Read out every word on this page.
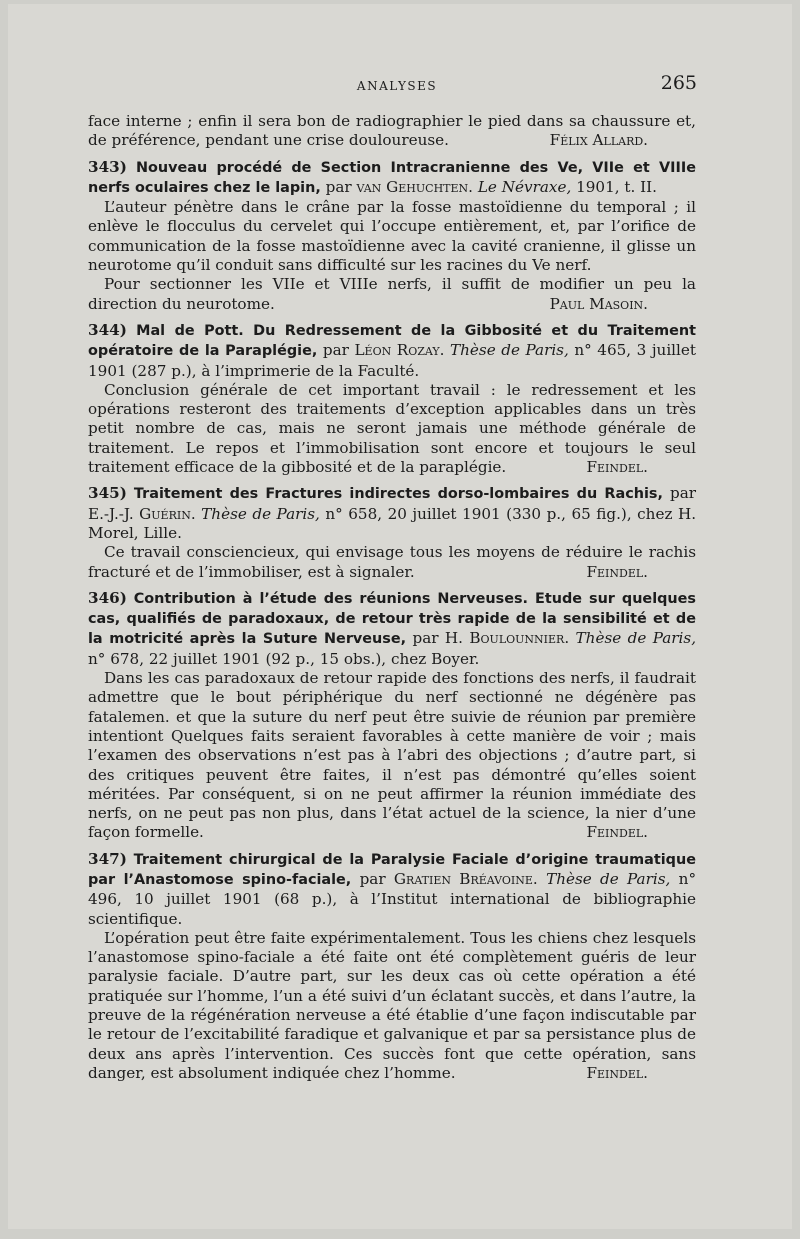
ANALYSES	265

face interne ; enfin il sera bon de radiographier le pied dans sa chaussure et, de préférence, pendant une crise douloureuse.	Félix Allard.

343) Nouveau procédé de Section Intracranienne des Ve, VIIe et VIIIe nerfs oculaires chez le lapin, par van Gehuchten. Le Névraxe, 1901, t. II.

L’auteur pénètre dans le crâne par la fosse mastoïdienne du temporal ; il enlève le flocculus du cervelet qui l’occupe entièrement, et, par l’orifice de communication de la fosse mastoïdienne avec la cavité cranienne, il glisse un neurotome qu’il conduit sans difficulté sur les racines du Ve nerf.

Pour sectionner les VIIe et VIIIe nerfs, il suffit de modifier un peu la direction du neurotome.	Paul Masoin.

344) Mal de Pott. Du Redressement de la Gibbosité et du Traitement opératoire de la Paraplégie, par Léon Rozay. Thèse de Paris, n° 465, 3 juillet 1901 (287 p.), à l’imprimerie de la Faculté.

Conclusion générale de cet important travail : le redressement et les opérations resteront des traitements d’exception applicables dans un très petit nombre de cas, mais ne seront jamais une méthode générale de traitement. Le repos et l’immobilisation sont encore et toujours le seul traitement efficace de la gibbosité et de la paraplégie.	Feindel.

345) Traitement des Fractures indirectes dorso-lombaires du Rachis, par E.-J.-J. Guérin. Thèse de Paris, n° 658, 20 juillet 1901 (330 p., 65 fig.), chez H. Morel, Lille.

Ce travail consciencieux, qui envisage tous les moyens de réduire le rachis fracturé et de l’immobiliser, est à signaler.	Feindel.

346) Contribution à l’étude des réunions Nerveuses. Etude sur quelques cas, qualifiés de paradoxaux, de retour très rapide de la sensibilité et de la motricité après la Suture Nerveuse, par H. Boulounnier. Thèse de Paris, n° 678, 22 juillet 1901 (92 p., 15 obs.), chez Boyer.

Dans les cas paradoxaux de retour rapide des fonctions des nerfs, il faudrait admettre que le bout périphérique du nerf sectionné ne dégénère pas fatalemen. et que la suture du nerf peut être suivie de réunion par première intentiont Quelques faits seraient favorables à cette manière de voir ; mais l’examen des observations n’est pas à l’abri des objections ; d’autre part, si des critiques peuvent être faites, il n’est pas démontré qu’elles soient méritées. Par conséquent, si on ne peut affirmer la réunion immédiate des nerfs, on ne peut pas non plus, dans l’état actuel de la science, la nier d’une façon formelle.	Feindel.

347) Traitement chirurgical de la Paralysie Faciale d’origine traumatique par l’Anastomose spino-faciale, par Gratien Bréavoine. Thèse de Paris, n° 496, 10 juillet 1901 (68 p.), à l’Institut international de bibliographie scientifique.

L’opération peut être faite expérimentalement. Tous les chiens chez lesquels l’anastomose spino-faciale a été faite ont été complètement guéris de leur paralysie faciale. D’autre part, sur les deux cas où cette opération a été pratiquée sur l’homme, l’un a été suivi d’un éclatant succès, et dans l’autre, la preuve de la régénération nerveuse a été établie d’une façon indiscutable par le retour de l’excitabilité faradique et galvanique et par sa persistance plus de deux ans après l’intervention. Ces succès font que cette opération, sans danger, est absolument indiquée chez l’homme.	Feindel.
